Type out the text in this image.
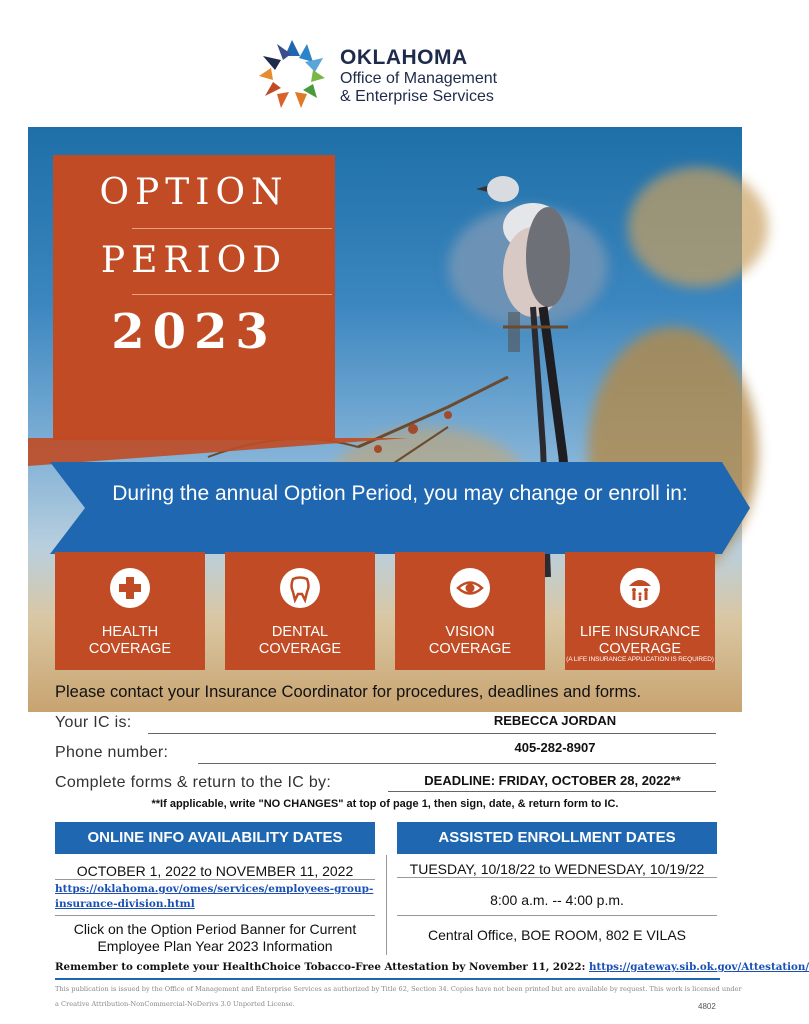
OKLAHOMA
Office of Management
& Enterprise Services
OPTION
PERIOD
2023
During the annual Option Period, you may change or enroll in:
HEALTH
COVERAGE
DENTAL
COVERAGE
VISION
COVERAGE
LIFE INSURANCE
COVERAGE
(A LIFE INSURANCE APPLICATION IS REQUIRED)
Please contact your Insurance Coordinator for procedures, deadlines and forms.
Your IC is:	REBECCA JORDAN
Phone number:	405-282-8907
Complete forms & return to the IC by:	DEADLINE: FRIDAY, OCTOBER 28, 2022**
**If applicable, write "NO CHANGES" at top of page 1, then sign, date, & return form to IC.
ONLINE INFO AVAILABILITY DATES
OCTOBER 1, 2022 to NOVEMBER 11, 2022
https://oklahoma.gov/omes/services/employees-group-
insurance-division.html
Click on the Option Period Banner for Current
Employee Plan Year 2023 Information
ASSISTED ENROLLMENT DATES
TUESDAY, 10/18/22 to WEDNESDAY, 10/19/22
8:00 a.m. -- 4:00 p.m.
Central Office, BOE ROOM, 802 E VILAS
Remember to complete your HealthChoice Tobacco-Free Attestation by November 11, 2022: https://gateway.sib.ok.gov/Attestation/
This publication is issued by the Office of Management and Enterprise Services as authorized by Title 62, Section 34. Copies have not been printed but are available by request. This work is licensed under
a Creative Attribution-NonCommercial-NoDerivs 3.0 Unported License.	4802
